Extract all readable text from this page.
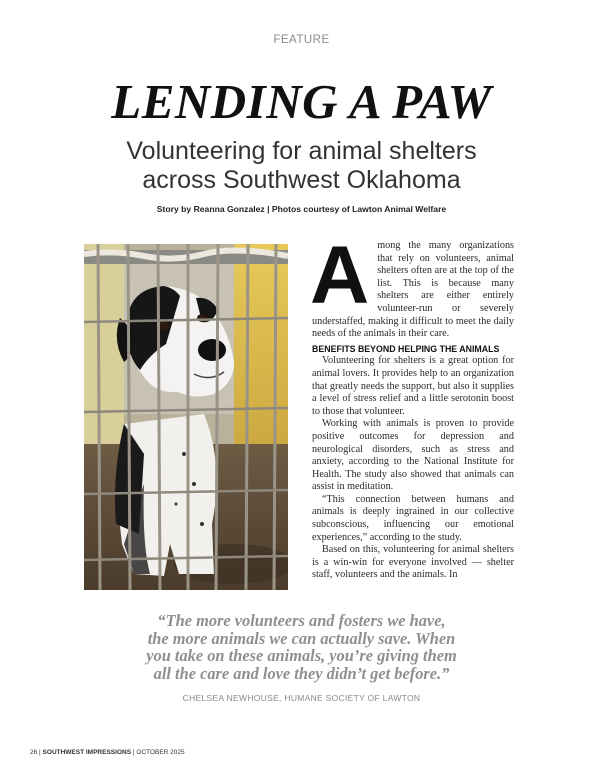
FEATURE
LENDING A PAW
Volunteering for animal shelters
across Southwest Oklahoma
Story by Reanna Gonzalez | Photos courtesy of Lawton Animal Welfare
A mong the many organizations that rely on volunteers, animal shelters often are at the top of the list. This is because many shelters are either entirely volunteer-run or severely understaffed, making it difficult to meet the daily needs of the animals in their care.

BENEFITS BEYOND HELPING THE ANIMALS

Volunteering for shelters is a great option for animal lovers. It provides help to an organization that greatly needs the support, but also it supplies a level of stress relief and a little serotonin boost to those that volunteer.

Working with animals is proven to provide positive outcomes for depression and neurological disorders, such as stress and anxiety, according to the National Institute for Health. The study also showed that animals can assist in meditation.

“This connection between humans and animals is deeply ingrained in our collective subconscious, influencing our emotional experiences,” according to the study.

Based on this, volunteering for animal shelters is a win-win for everyone involved — shelter staff, volunteers and the animals. In

“The more volunteers and fosters we have,
the more animals we can actually save. When
you take on these animals, you’re giving them
all the care and love they didn’t get before.”
CHELSEA NEWHOUSE, HUMANE SOCIETY OF LAWTON
26 | SOUTHWEST IMPRESSIONS | OCTOBER 2025
